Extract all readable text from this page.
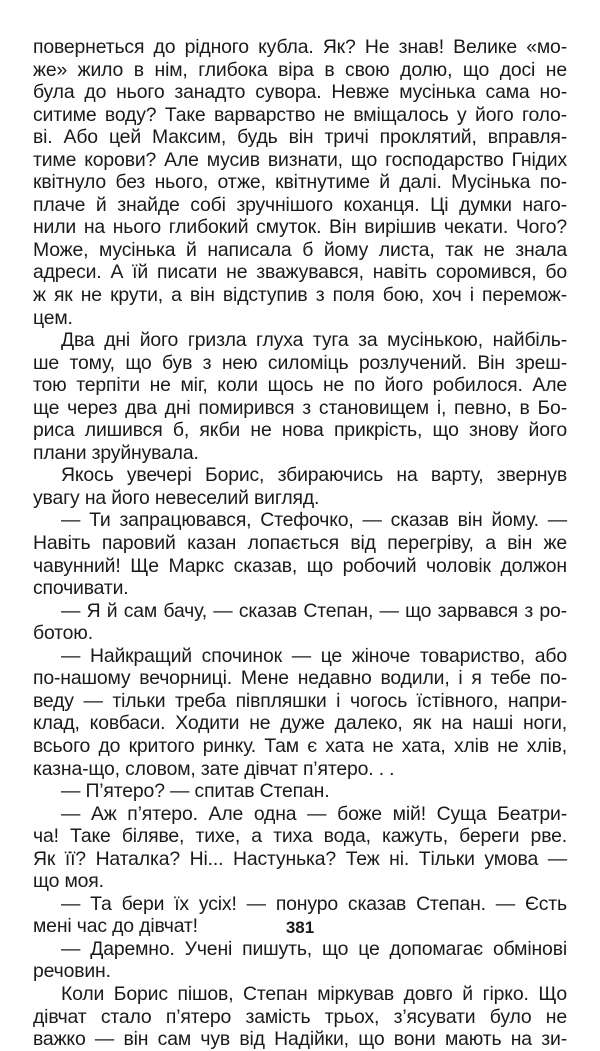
повернеться до рідного кубла. Як? Не знав! Велике «мо-
же» жило в нім, глибока віра в свою долю, що досі не
була до нього занадто сувора. Невже мусінька сама но-
ситиме воду? Таке варварство не вміщалось у його голо-
ві. Або цей Максим, будь він тричі проклятий, вправля-
тиме корови? Але мусив визнати, що господарство Гнідих
квітнуло без нього, отже, квітнутиме й далі. Мусінька по-
плаче й знайде собі зручнішого коханця. Ці думки наго-
нили на нього глибокий смуток. Він вирішив чекати. Чого?
Може, мусінька й написала б йому листа, так не знала
адреси. А їй писати не зважувався, навіть соромився, бо
ж як не крути, а він відступив з поля бою, хоч і перемож-
цем.
Два дні його гризла глуха туга за мусінькою, найбіль-
ше тому, що був з нею силоміць розлучений. Він зреш-
тою терпіти не міг, коли щось не по його робилося. Але
ще через два дні помирився з становищем і, певно, в Бо-
риса лишився б, якби не нова прикрість, що знову його
плани зруйнувала.
Якось увечері Борис, збираючись на варту, звернув
увагу на його невеселий вигляд.
— Ти запрацювався, Стефочко, — сказав він йому. —
Навіть паровий казан лопається від перегріву, а він же
чавунний! Ще Маркс сказав, що робочий чоловік должон
спочивати.
— Я й сам бачу, — сказав Степан, — що зарвався з ро-
ботою.
— Найкращий спочинок — це жіноче товариство, або
по-нашому вечорниці. Мене недавно водили, і я тебе по-
веду — тільки треба півпляшки і чогось їстівного, напри-
клад, ковбаси. Ходити не дуже далеко, як на наші ноги,
всього до критого ринку. Там є хата не хата, хлів не хлів,
казна-що, словом, зате дівчат п’ятеро. . .
— П’ятеро? — спитав Степан.
— Аж п’ятеро. Але одна — боже мій! Суща Беатри-
ча! Таке біляве, тихе, а тиха вода, кажуть, береги рве.
Як її? Наталка? Ні... Настунька? Теж ні. Тільки умова —
що моя.
— Та бери їх усіх! — понуро сказав Степан. — Єсть
мені час до дівчат!
— Даремно. Учені пишуть, що це допомагає обмінові
речовин.
Коли Борис пішов, Степан міркував довго й гірко. Що
дівчат стало п’ятеро замість трьох, з’ясувати було не
важко — він сам чув від Надійки, що вони мають на зи-
381
